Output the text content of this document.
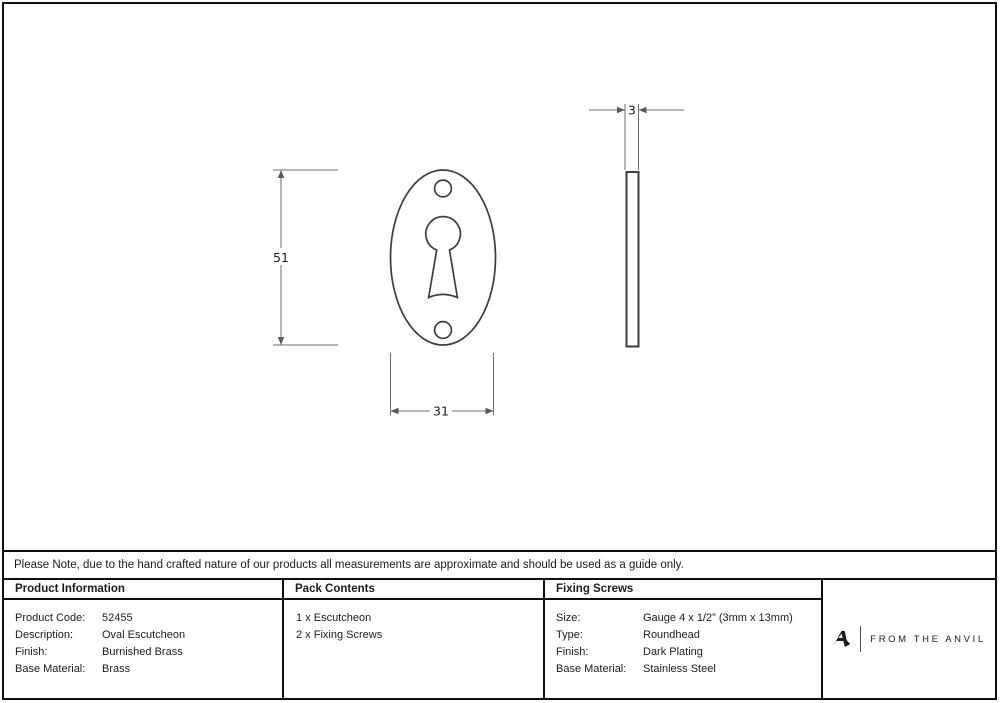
51
31
3
Please Note, due to the hand crafted nature of our products all measurements are approximate and should be used as a guide only.
Product Information
Product Code:	52455
Description:	Oval Escutcheon
Finish:	Burnished Brass
Base Material:	Brass
Pack Contents
1 x Escutcheon
2 x Fixing Screws
Fixing Screws
Size:	Gauge 4 x 1/2” (3mm x 13mm)
Type:	Roundhead
Finish:	Dark Plating
Base Material:	Stainless Steel
FROM THE ANVIL
